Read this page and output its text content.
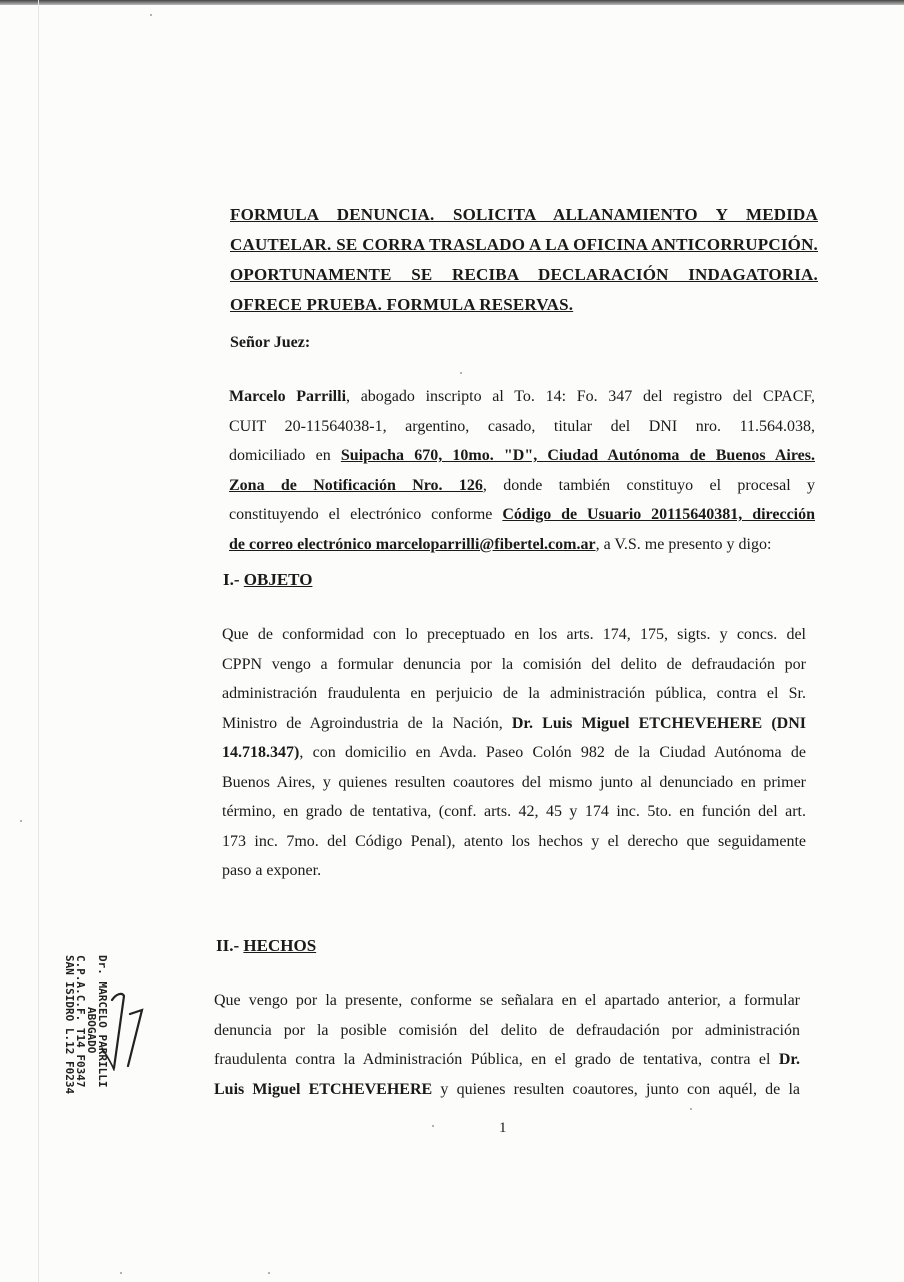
FORMULA DENUNCIA. SOLICITA ALLANAMIENTO Y MEDIDA
CAUTELAR. SE CORRA TRASLADO A LA OFICINA ANTICORRUPCIÓN.
OPORTUNAMENTE SE RECIBA DECLARACIÓN INDAGATORIA.
OFRECE PRUEBA. FORMULA RESERVAS.
Señor Juez:
Marcelo Parrilli, abogado inscripto al To. 14: Fo. 347 del registro del CPACF,
CUIT 20-11564038-1, argentino, casado, titular del DNI nro. 11.564.038,
domiciliado en Suipacha 670, 10mo. "D", Ciudad Autónoma de Buenos Aires.
Zona de Notificación Nro. 126, donde también constituyo el procesal y
constituyendo el electrónico conforme Código de Usuario 20115640381, dirección
de correo electrónico marceloparrilli@fibertel.com.ar, a V.S. me presento y digo:
I.- OBJETO
Que de conformidad con lo preceptuado en los arts. 174, 175, sigts. y concs. del
CPPN vengo a formular denuncia por la comisión del delito de defraudación por
administración fraudulenta en perjuicio de la administración pública, contra el Sr.
Ministro de Agroindustria de la Nación, Dr. Luis Miguel ETCHEVEHERE (DNI
14.718.347), con domicilio en Avda. Paseo Colón 982 de la Ciudad Autónoma de
Buenos Aires, y quienes resulten coautores del mismo junto al denunciado en primer
término, en grado de tentativa, (conf. arts. 42, 45 y 174 inc. 5to. en función del art.
173 inc. 7mo. del Código Penal), atento los hechos y el derecho que seguidamente
paso a exponer.
II.- HECHOS
Que vengo por la presente, conforme se señalara en el apartado anterior, a formular
denuncia por la posible comisión del delito de defraudación por administración
fraudulenta contra la Administración Pública, en el grado de tentativa, contra el Dr.
Luis Miguel ETCHEVEHERE y quienes resulten coautores, junto con aquél, de la
Dr. MARCELO PARRILLI
ABOGADO
C.P.A.C.F. T14 F0347
SAN ISIDRO L.12 F0234
1
